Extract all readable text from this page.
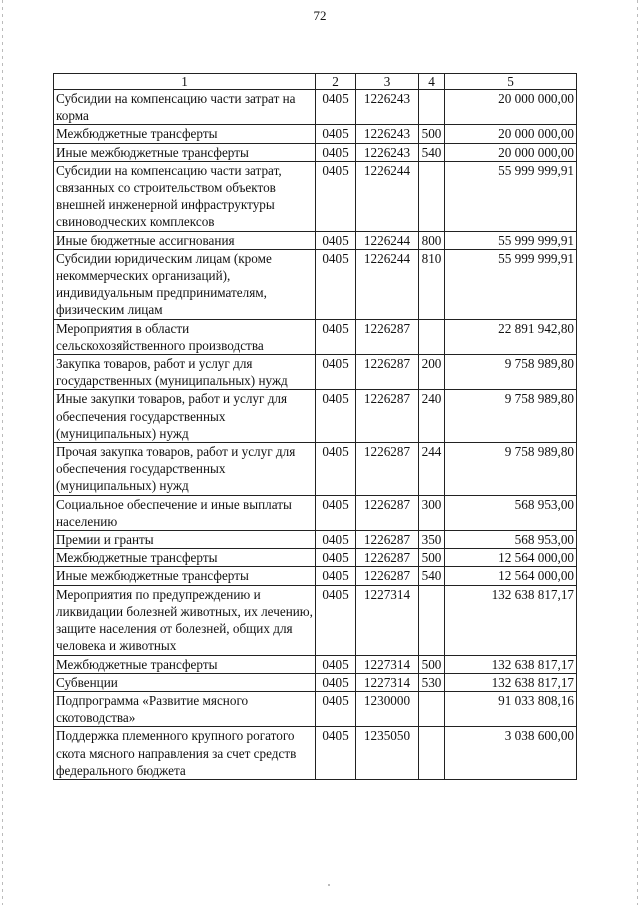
72
1	2	3	4	5
Субсидии на компенсацию части затрат на корма	0405	1226243		20 000 000,00
Межбюджетные трансферты	0405	1226243	500	20 000 000,00
Иные межбюджетные трансферты	0405	1226243	540	20 000 000,00
Субсидии на компенсацию части затрат, связанных со строительством объектов внешней инженерной инфраструктуры свиноводческих комплексов	0405	1226244		55 999 999,91
Иные бюджетные ассигнования	0405	1226244	800	55 999 999,91
Субсидии юридическим лицам (кроме некоммерческих организаций), индивидуальным предпринимателям, физическим лицам	0405	1226244	810	55 999 999,91
Мероприятия в области сельскохозяйственного производства	0405	1226287		22 891 942,80
Закупка товаров, работ и услуг для государственных (муниципальных) нужд	0405	1226287	200	9 758 989,80
Иные закупки товаров, работ и услуг для обеспечения государственных (муниципальных) нужд	0405	1226287	240	9 758 989,80
Прочая закупка товаров, работ и услуг для обеспечения государственных (муниципальных) нужд	0405	1226287	244	9 758 989,80
Социальное обеспечение и иные выплаты населению	0405	1226287	300	568 953,00
Премии и гранты	0405	1226287	350	568 953,00
Межбюджетные трансферты	0405	1226287	500	12 564 000,00
Иные межбюджетные трансферты	0405	1226287	540	12 564 000,00
Мероприятия по предупреждению и ликвидации болезней животных, их лечению, защите населения от болезней, общих для человека и животных	0405	1227314		132 638 817,17
Межбюджетные трансферты	0405	1227314	500	132 638 817,17
Субвенции	0405	1227314	530	132 638 817,17
Подпрограмма «Развитие мясного скотоводства»	0405	1230000		91 033 808,16
Поддержка племенного крупного рогатого скота мясного направления за счет средств федерального бюджета	0405	1235050		3 038 600,00
